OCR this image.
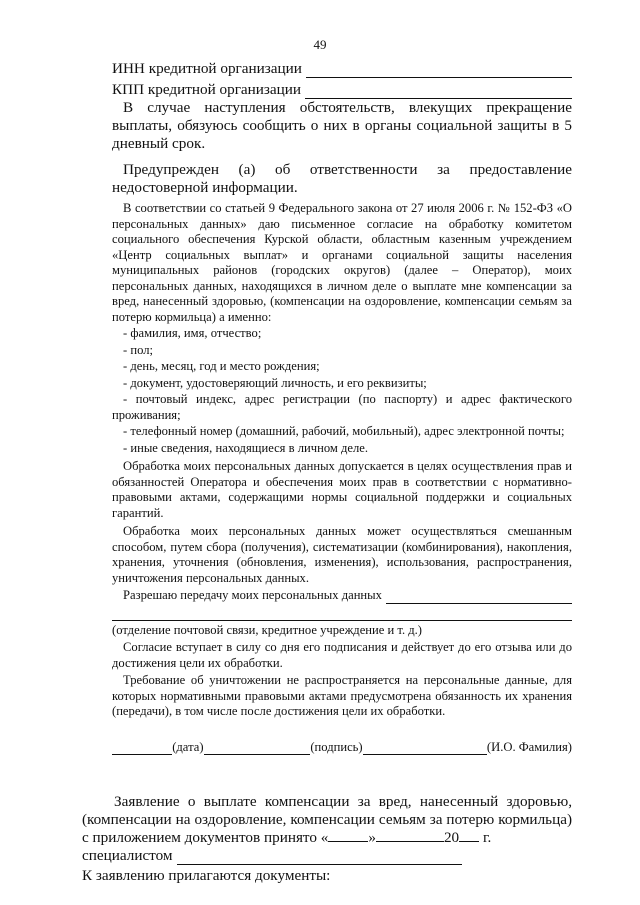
49
ИНН кредитной организации
КПП кредитной организации

В случае наступления обстоятельств, влекущих прекращение выплаты, обязуюсь сообщить о них в органы социальной защиты в 5 дневный срок.

Предупрежден (а) об ответственности за предоставление недостоверной информации.

В соответствии со статьей 9 Федерального закона от 27 июля 2006 г. № 152-ФЗ «О персональных данных» даю письменное согласие на обработку комитетом социального обеспечения Курской области, областным казенным учреждением «Центр социальных выплат» и органами социальной защиты населения муниципальных районов (городских округов) (далее – Оператор), моих персональных данных, находящихся в личном деле о выплате мне компенсации за вред, нанесенный здоровью, (компенсации на оздоровление, компенсации семьям за потерю кормильца) а именно:

- фамилия, имя, отчество;

- пол;

- день, месяц, год и место рождения;

- документ, удостоверяющий личность, и его реквизиты;

- почтовый индекс, адрес регистрации (по паспорту) и адрес фактического проживания;

- телефонный номер (домашний, рабочий, мобильный), адрес электронной почты;

- иные сведения, находящиеся в личном деле.

Обработка моих персональных данных допускается в целях осуществления прав и обязанностей Оператора и обеспечения моих прав в соответствии с нормативно-правовыми актами, содержащими нормы социальной поддержки и социальных гарантий.

Обработка моих персональных данных может осуществляться смешанным способом, путем сбора (получения), систематизации (комбинирования), накопления, хранения, уточнения (обновления, изменения), использования, распространения, уничтожения персональных данных.

Разрешаю передачу моих персональных данных

(отделение почтовой связи, кредитное учреждение и т. д.)

Согласие вступает в силу со дня его подписания и действует до его отзыва или до достижения цели их обработки.

Требование об уничтожении не распространяется на персональные данные, для которых нормативными правовыми актами предусмотрена обязанность их хранения (передачи), в том числе после достижения цели их обработки.

(дата)	(подпись)	(И.О. Фамилия)

Заявление о выплате компенсации за вред, нанесенный здоровью, (компенсации на оздоровление, компенсации семьям за потерю кормильца) с приложением документов принято «	»	20 г.

специалистом

К заявлению прилагаются документы:
